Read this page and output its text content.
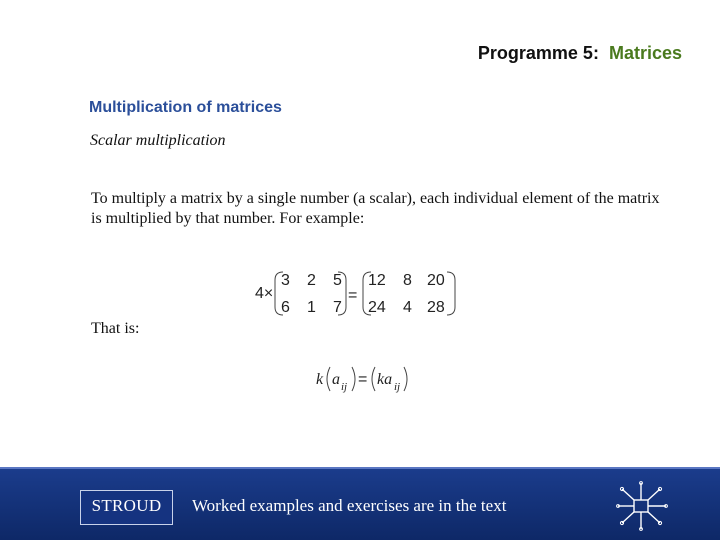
Programme 5: Matrices
Multiplication of matrices
Scalar multiplication
To multiply a matrix by a single number (a scalar), each individual element of the matrix is multiplied by that number. For example:
4×
3 2 5
6 1 7
=
12 8 20
24 4 28
That is:
k a ij = ka ij
STROUD	Worked examples and exercises are in the text
